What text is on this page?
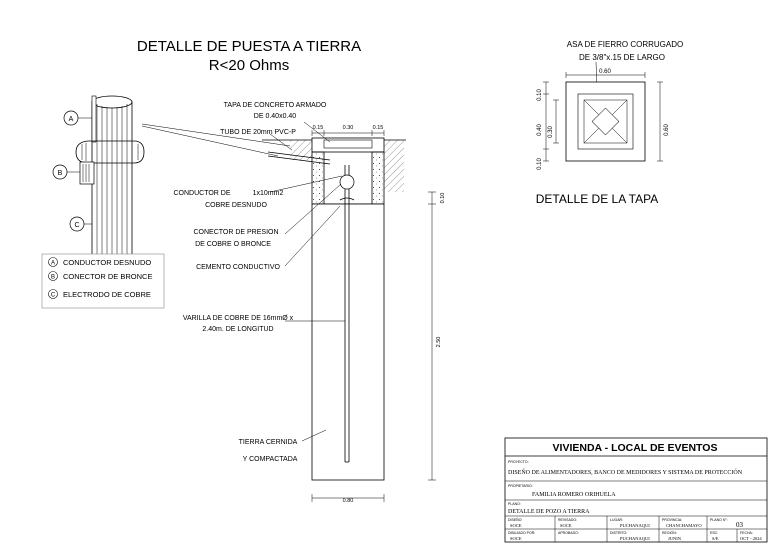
DETALLE DE PUESTA A TIERRA
R<20 Ohms
A
B
C
A CONDUCTOR DESNUDO
B CONECTOR DE BRONCE
C ELECTRODO DE COBRE
0.15	0.30	0.15
0.10
2.50
0.80
TAPA DE CONCRETO ARMADO
DE 0.40x0.40
TUBO DE 20mm PVC-P
CONDUCTOR DE	1x10mm2
COBRE DESNUDO
CONECTOR DE PRESION
DE COBRE O BRONCE
CEMENTO CONDUCTIVO
VARILLA DE COBRE DE 16mmØ x
2.40m. DE LONGITUD
TIERRA CERNIDA
Y COMPACTADA
ASA DE FIERRO CORRUGADO
DE 3/8"x.15 DE LARGO
0.60
0.10
0.40
0.10
0.30	0.60
DETALLE DE LA TAPA
VIVIENDA - LOCAL DE EVENTOS
PROYECTO:
DISEÑO DE ALIMENTADORES, BANCO DE MEDIDORES Y SISTEMA DE PROTECCIÓN
PROPIETARIO:
FAMILIA ROMERO ORIHUELA
PLANO:
DETALLE DE POZO A TIERRA
DISEÑO:
SOCE
REVISADO:
SOCE
LUGAR:
PUCHANAQUI
PROVINCIA:
CHANCHAMAYO
PLANO N°:
03
DIBUJADO POR:
SOCE
APROBADO:	DISTRITO:
PUCHANAQUI
REGIÓN:
JUNIN
ESC:
S/E
FECHA:
OCT - 2024
